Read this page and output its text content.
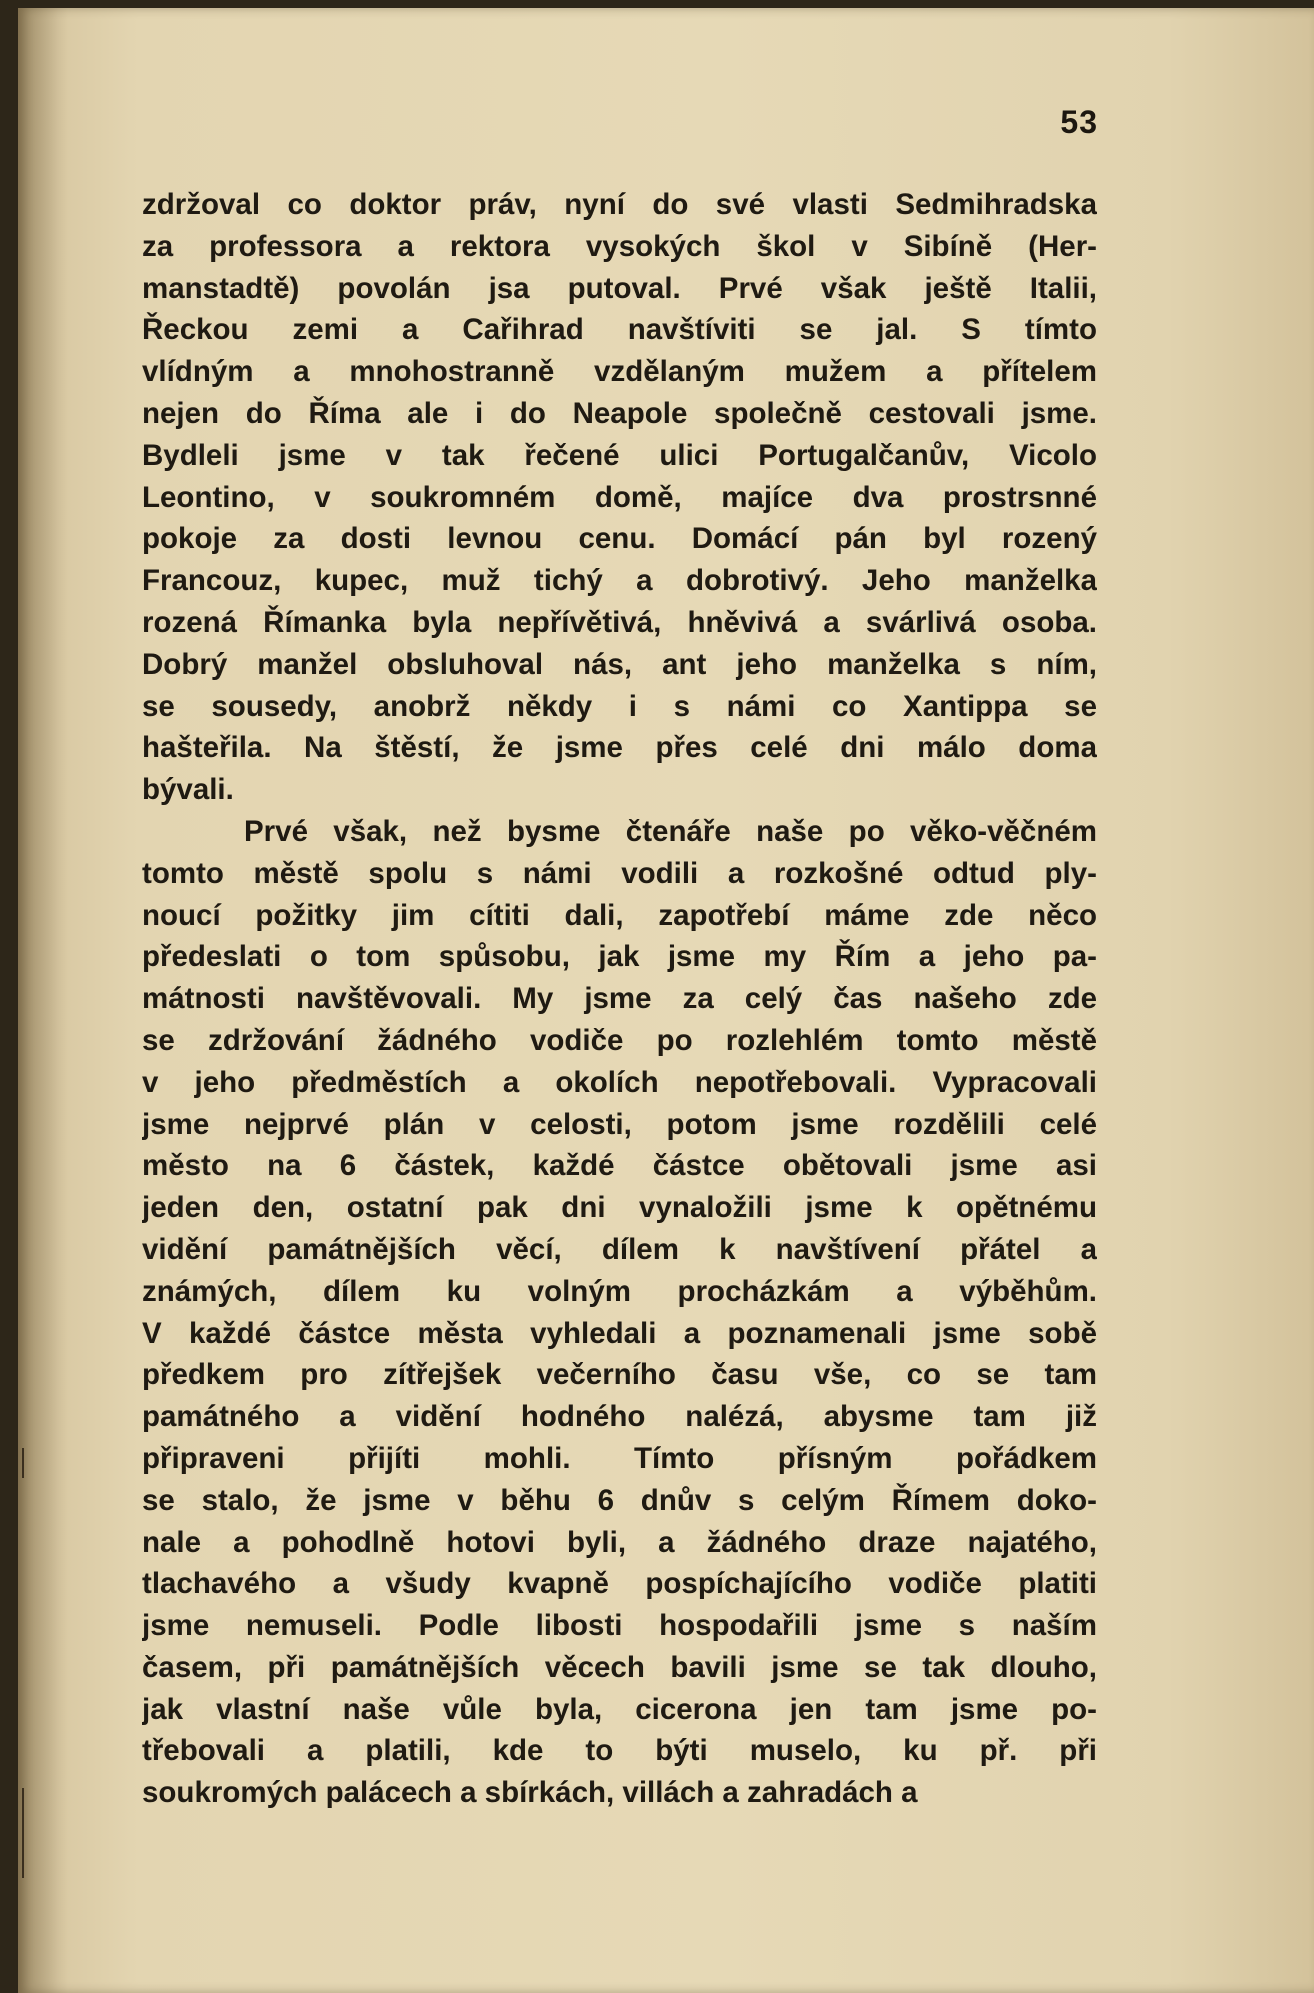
53
zdržoval co doktor práv, nyní do své vlasti Sedmihradska
za professora a rektora vysokých škol v Sibíně (Her-
manstadtě) povolán jsa putoval. Prvé však ještě Italii,
Řeckou zemi a Cařihrad navštíviti se jal. S tímto
vlídným a mnohostranně vzdělaným mužem a přítelem
nejen do Říma ale i do Neapole společně cestovali jsme.
Bydleli jsme v tak řečené ulici Portugalčanův, Vicolo
Leontino, v soukromném domě, majíce dva prostrsnné
pokoje za dosti levnou cenu. Domácí pán byl rozený
Francouz, kupec, muž tichý a dobrotivý. Jeho manželka
rozená Římanka byla nepřívětivá, hněvivá a svárlivá osoba.
Dobrý manžel obsluhoval nás, ant jeho manželka s ním,
se sousedy, anobrž někdy i s námi co Xantippa se
hašteřila. Na štěstí, že jsme přes celé dni málo doma
bývali.
Prvé však, než bysme čtenáře naše po věko-věčném
tomto městě spolu s námi vodili a rozkošné odtud ply-
noucí požitky jim cítiti dali, zapotřebí máme zde něco
předeslati o tom spůsobu, jak jsme my Řím a jeho pa-
mátnosti navštěvovali. My jsme za celý čas našeho zde
se zdržování žádného vodiče po rozlehlém tomto městě
v jeho předměstích a okolích nepotřebovali. Vypracovali
jsme nejprvé plán v celosti, potom jsme rozdělili celé
město na 6 částek, každé částce obětovali jsme asi
jeden den, ostatní pak dni vynaložili jsme k opětnému
vidění památnějších věcí, dílem k navštívení přátel a
známých, dílem ku volným procházkám a výběhům.
V každé částce města vyhledali a poznamenali jsme sobě
předkem pro zítřejšek večerního času vše, co se tam
památného a vidění hodného nalézá, abysme tam již
připraveni přijíti mohli. Tímto přísným pořádkem
se stalo, že jsme v běhu 6 dnův s celým Římem doko-
nale a pohodlně hotovi byli, a žádného draze najatého,
tlachavého a všudy kvapně pospíchajícího vodiče platiti
jsme nemuseli. Podle libosti hospodařili jsme s naším
časem, při památnějších věcech bavili jsme se tak dlouho,
jak vlastní naše vůle byla, cicerona jen tam jsme po-
třebovali a platili, kde to býti muselo, ku př. při
soukromých palácech a sbírkách, villách a zahradách a
